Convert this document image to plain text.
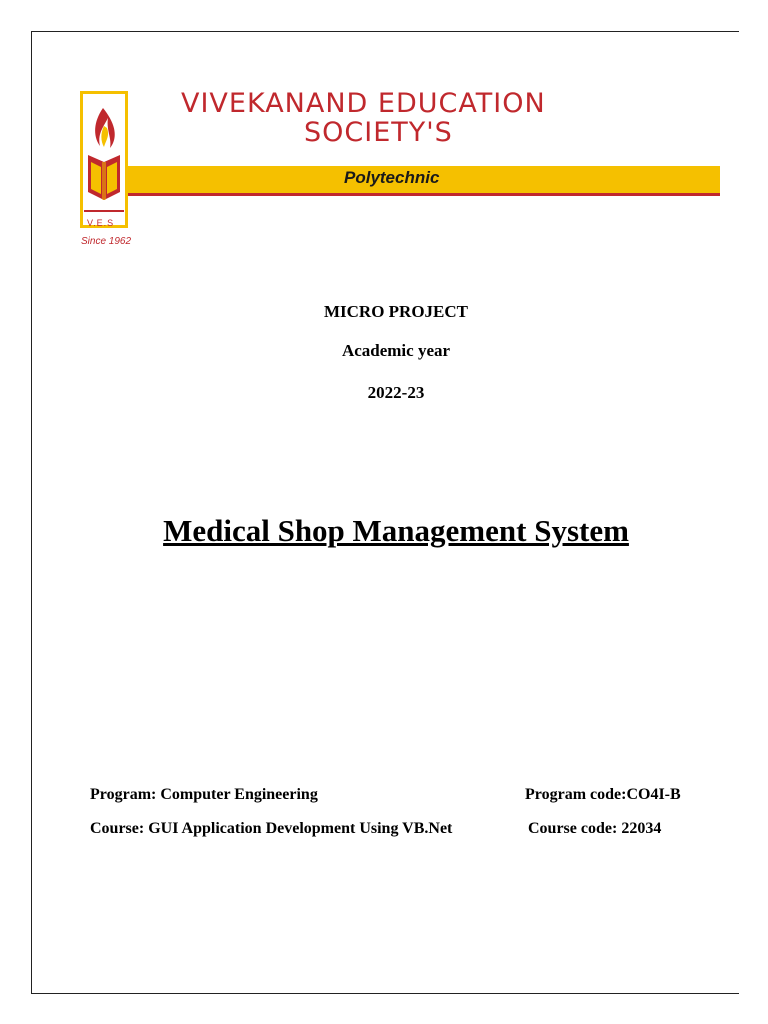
VIVEKANAND EDUCATION
SOCIETY'S
Polytechnic
V.E.S
Since 1962
MICRO PROJECT
Academic year
2022-23
Medical Shop Management System
Program: Computer Engineering	Program code:CO4I-B
Course: GUI Application Development Using VB.Net	Course code: 22034
